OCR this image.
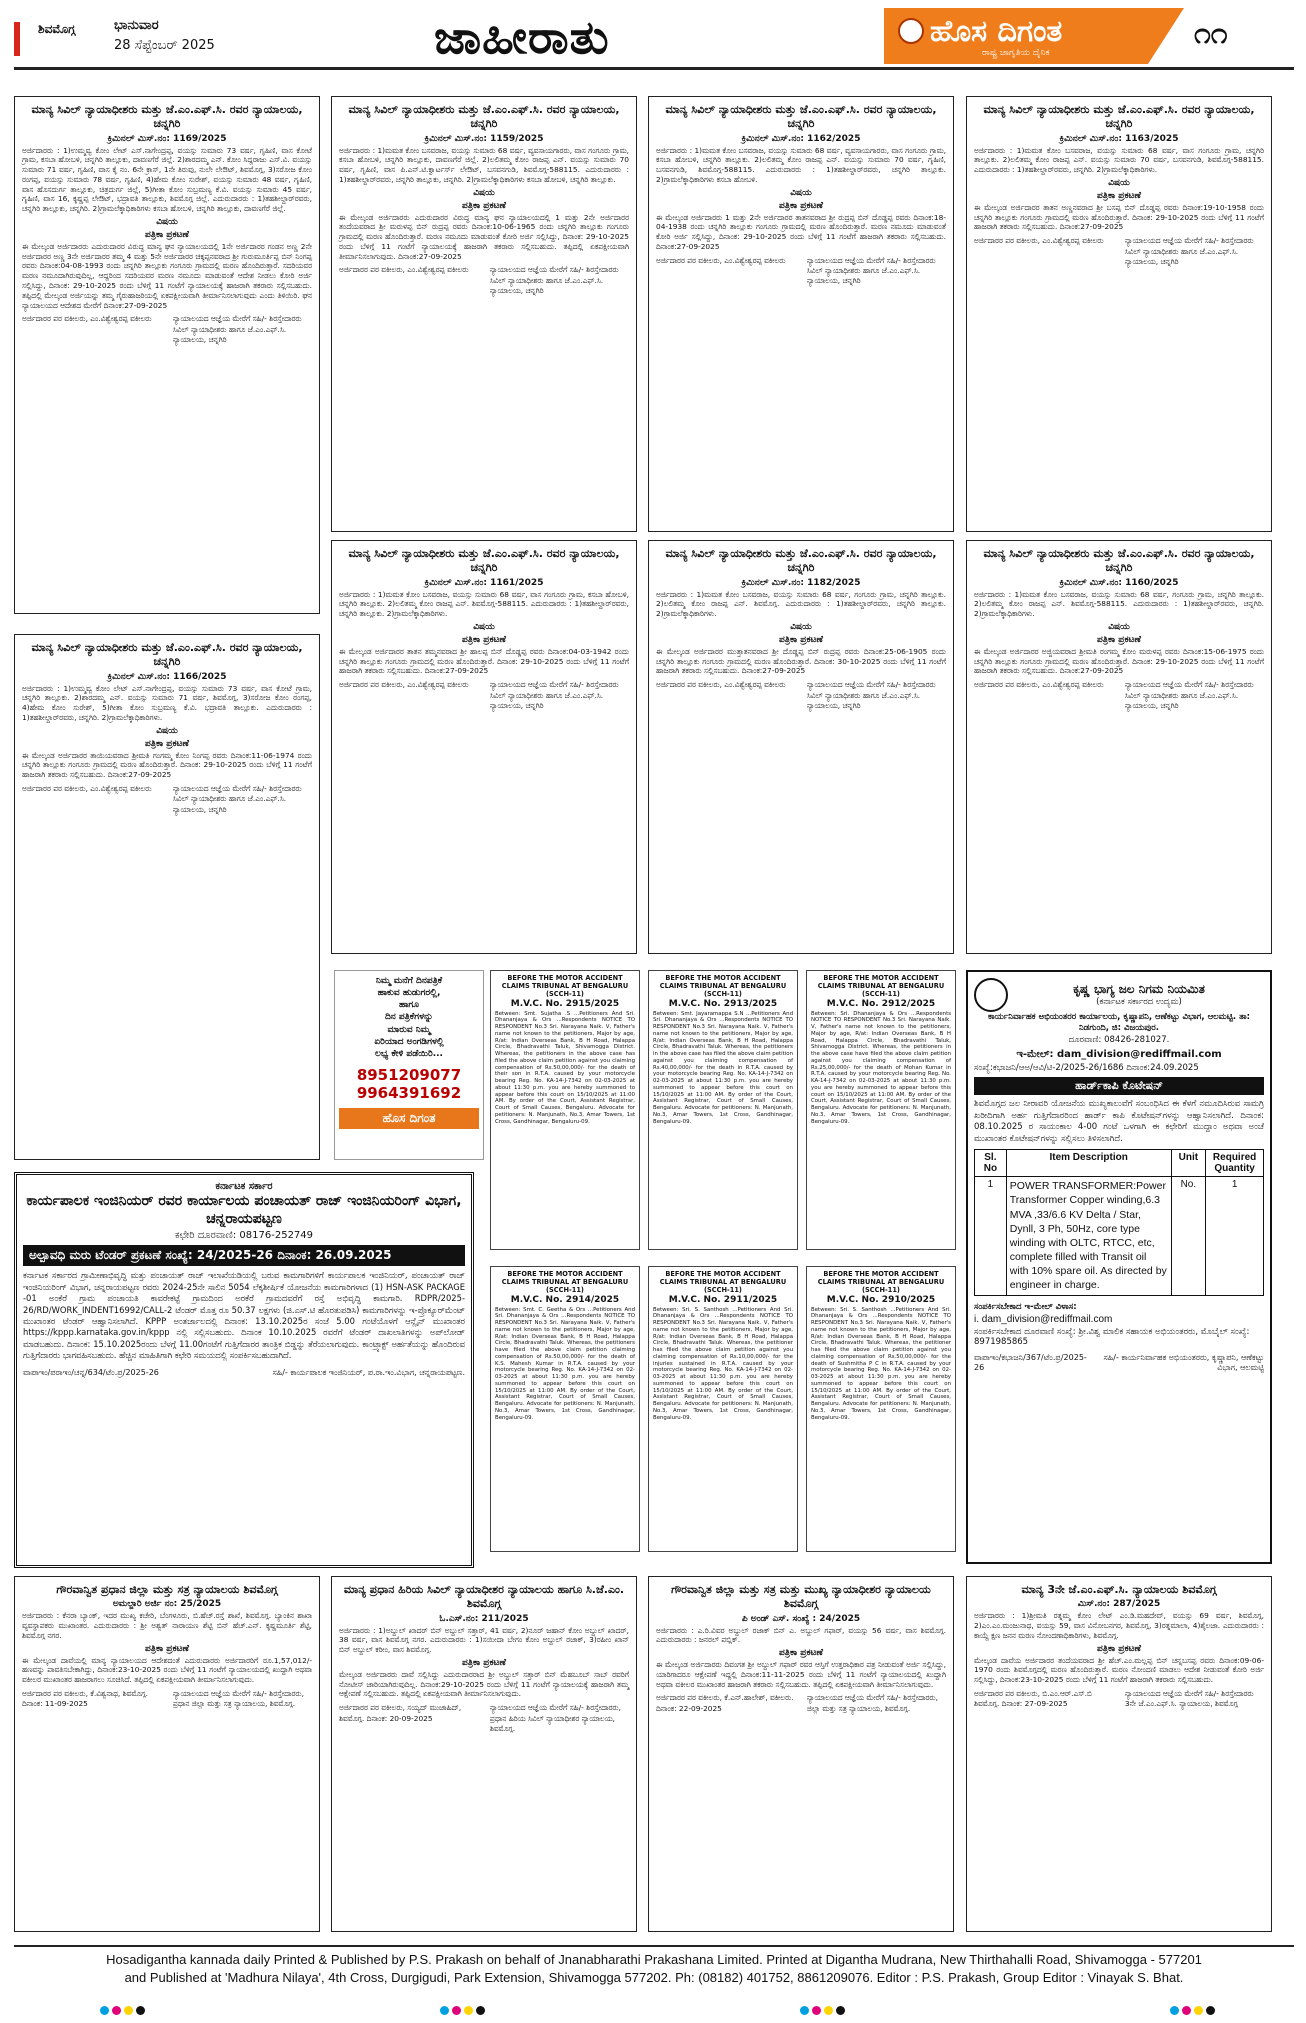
ಶಿವಮೊಗ್ಗ	ಭಾನುವಾರ
28 ಸೆಪ್ಟೆಂಬರ್ 2025	ಜಾಹೀರಾತು	ಹೊಸ ದಿಗಂತ
ರಾಷ್ಟ್ರ ಜಾಗೃತಿಯ ದೈನಿಕ
೧೧
ಮಾನ್ಯ ಸಿವಿಲ್ ನ್ಯಾಯಾಧೀಶರು ಮತ್ತು ಜೆ.ಎಂ.ಎಫ್.ಸಿ. ರವರ ನ್ಯಾಯಾಲಯ, ಚನ್ನಗಿರಿ
ಕ್ರಿಮಿನಲ್ ಮಿಸ್.ನಂ: 1169/2025

ಅರ್ಜಿದಾರರು : 1)ಉಮ್ಮವ್ವ ಕೋಂ ಲೇಟ್ ಎಸ್.ನಾಗೇಂದ್ರಪ್ಪ, ವಯಸ್ಸು ಸುಮಾರು 73 ವರ್ಷ, ಗೃಹಿಣಿ, ವಾಸ ಕೋಟೆ ಗ್ರಾಮ, ಕಸಬಾ ಹೋಬಳಿ, ಚನ್ನಗಿರಿ ತಾಲ್ಲೂಕು, ದಾವಣಗೆರೆ ಜಿಲ್ಲೆ. 2)ಶಾರದಮ್ಮ ಎನ್. ಕೋಂ ಸಿದ್ದರಾಜು ಎಸ್.ವಿ. ವಯಸ್ಸು ಸುಮಾರು 71 ವರ್ಷ, ಗೃಹಿಣಿ, ವಾಸ ಕೈ ನಂ. 6ನೇ ಕ್ರಾಸ್, 1ನೇ ತಿರುವು, ನುಲೇ ಲೇಔಟ್, ಶಿವಮೊಗ್ಗ, 3)ಸರೋಜ ಕೋಂ ರಂಗಪ್ಪ, ವಯಸ್ಸು ಸುಮಾರು 78 ವರ್ಷ, ಗೃಹಿಣಿ, 4)ಹೇಮ ಕೋಂ ಸುರೇಶ್, ವಯಸ್ಸು ಸುಮಾರು 48 ವರ್ಷ, ಗೃಹಿಣಿ, ವಾಸ ಹೊಸದುರ್ಗ ತಾಲ್ಲೂಕು, ಚಿತ್ರದುರ್ಗ ಜಿಲ್ಲೆ, 5)ಗೀತಾ ಕೋಂ ಸುಬ್ರಮಣ್ಯ ಕೆ.ವಿ. ವಯಸ್ಸು ಸುಮಾರು 45 ವರ್ಷ, ಗೃಹಿಣಿ, ವಾಸ 16, ಕೃಷ್ಣಪ್ಪ ಲೇಔಟ್, ಭದ್ರಾವತಿ ತಾಲ್ಲೂಕು, ಶಿವಮೊಗ್ಗ ಜಿಲ್ಲೆ. ಎದುರುದಾರರು : 1)ತಹಶೀಲ್ದಾರ್‌ರವರು, ಚನ್ನಗಿರಿ ತಾಲ್ಲೂಕು, ಚನ್ನಗಿರಿ. 2)ಗ್ರಾಮಲೆಕ್ಕಾಧಿಕಾರಿಗಳು ಕಸಬಾ ಹೋಬಳಿ, ಚನ್ನಗಿರಿ ತಾಲ್ಲೂಕು, ದಾವಣಗೆರೆ ಜಿಲ್ಲೆ.

ವಿಷಯ
ಪತ್ರಿಕಾ ಪ್ರಕಟಣೆ

ಈ ಮೇಲ್ಕಂಡ ಅರ್ಜಿದಾರರು ಎದುರುದಾರರ ವಿರುದ್ಧ ಮಾನ್ಯ ಘನ ನ್ಯಾಯಾಲಯದಲ್ಲಿ 1ನೇ ಅರ್ಜಿದಾರರ ಗಂಡನ ಅಣ್ಣ 2ನೇ ಅರ್ಜಿದಾರರ ಅಣ್ಣ 3ನೇ ಅರ್ಜಿದಾರರ ತಮ್ಮ 4 ಮತ್ತು 5ನೇ ಅರ್ಜಿದಾರರ ಚಿಕ್ಕಪ್ಪನವರಾದ ಶ್ರೀ ಗುರುಮೂರ್ತಿಪ್ಪ ಬಿನ್ ನಿಂಗಪ್ಪ ರವರು ದಿನಾಂಕ:04-08-1993 ರಂದು ಚನ್ನಗಿರಿ ತಾಲ್ಲೂಕು ಗಂಗೂರು ಗ್ರಾಮದಲ್ಲಿ ಮರಣ ಹೊಂದಿರುತ್ತಾರೆ. ಸದರಿಯವರ ಮರಣ ನಮೂದಾಗಿರುವುದಿಲ್ಲ, ಆದ್ದರಿಂದ ಸದರಿಯವರ ಮರಣ ನಮೂದು ಮಾಡುವಂತೆ ಆದೇಶ ನೀಡಲು ಕೋರಿ ಅರ್ಜಿ ಸಲ್ಲಿಸಿದ್ದು, ದಿನಾಂಕ: 29-10-2025 ರಂದು ಬೆಳಿಗ್ಗೆ 11 ಗಂಟೆಗೆ ನ್ಯಾಯಾಲಯಕ್ಕೆ ಹಾಜರಾಗಿ ತಕರಾರು ಸಲ್ಲಿಸಬಹುದು. ತಪ್ಪಿದಲ್ಲಿ ಮೇಲ್ಕಂಡ ಅರ್ಜಿಯನ್ನು ತಮ್ಮ ಗೈರುಹಾಜರಿಯಲ್ಲಿ ಏಕಪಕ್ಷೀಯವಾಗಿ ತೀರ್ಮಾನಿಸಲಾಗುವುದು ಎಂದು ತಿಳಿಯಿರಿ. ಘನ ನ್ಯಾಯಾಲಯದ ಆದೇಶದ ಮೇರೆಗೆ ದಿನಾಂಕ:27-09-2025

ಅರ್ಜಿದಾರರ ಪರ ವಕೀಲರು, ಎಂ.ವಿಶ್ವೇಶ್ವರಪ್ಪ ವಕೀಲರು	ನ್ಯಾಯಾಲಯದ ಆಜ್ಞೆಯ ಮೇರೆಗೆ ಸಹಿ/- ಶಿರಸ್ತೇದಾರರು ಸಿವಿಲ್ ನ್ಯಾಯಾಧೀಶರು ಹಾಗೂ ಜೆ.ಎಂ.ಎಫ್.ಸಿ. ನ್ಯಾಯಾಲಯ, ಚನ್ನಗಿರಿ
ಮಾನ್ಯ ಸಿವಿಲ್ ನ್ಯಾಯಾಧೀಶರು ಮತ್ತು ಜೆ.ಎಂ.ಎಫ್.ಸಿ. ರವರ ನ್ಯಾಯಾಲಯ, ಚನ್ನಗಿರಿ
ಕ್ರಿಮಿನಲ್ ಮಿಸ್.ನಂ: 1159/2025

ಅರ್ಜಿದಾರರು : 1)ಮಮತ ಕೋಂ ಬಸವರಾಜ, ವಯಸ್ಸು ಸುಮಾರು 68 ವರ್ಷ, ವ್ಯವಸಾಯಗಾರರು, ವಾಸ ಗಂಗೂರು ಗ್ರಾಮ, ಕಸಬಾ ಹೋಬಳಿ, ಚನ್ನಗಿರಿ ತಾಲ್ಲೂಕು, ದಾವಣಗೆರೆ ಜಿಲ್ಲೆ. 2)ಲಲಿತಮ್ಮ ಕೋಂ ರಾಜಪ್ಪ ಎನ್. ವಯಸ್ಸು ಸುಮಾರು 70 ವರ್ಷ, ಗೃಹಿಣಿ, ವಾಸ ಪಿ.ಎನ್.ಟಿ.ಕ್ವಾರ್ಟರ್ಸ್ ಲೇಔಟ್, ಬಸವನಗುಡಿ, ಶಿವಮೊಗ್ಗ-588115. ಎದುರುದಾರರು : 1)ತಹಶೀಲ್ದಾರ್‌ರವರು, ಚನ್ನಗಿರಿ ತಾಲ್ಲೂಕು, ಚನ್ನಗಿರಿ. 2)ಗ್ರಾಮಲೆಕ್ಕಾಧಿಕಾರಿಗಳು ಕಸಬಾ ಹೋಬಳಿ, ಚನ್ನಗಿರಿ ತಾಲ್ಲೂಕು.

ವಿಷಯ
ಪತ್ರಿಕಾ ಪ್ರಕಟಣೆ

ಈ ಮೇಲ್ಕಂಡ ಅರ್ಜಿದಾರರು ಎದುರುದಾರರ ವಿರುದ್ಧ ಮಾನ್ಯ ಘನ ನ್ಯಾಯಾಲಯದಲ್ಲಿ 1 ಮತ್ತು 2ನೇ ಅರ್ಜಿದಾರರ ತಂದೆಯವರಾದ ಶ್ರೀ ಮರುಳಪ್ಪ ಬಿನ್ ರುದ್ರಪ್ಪ ರವರು ದಿನಾಂಕ:10-06-1965 ರಂದು ಚನ್ನಗಿರಿ ತಾಲ್ಲೂಕು ಗಂಗೂರು ಗ್ರಾಮದಲ್ಲಿ ಮರಣ ಹೊಂದಿರುತ್ತಾರೆ. ಮರಣ ನಮೂದು ಮಾಡುವಂತೆ ಕೋರಿ ಅರ್ಜಿ ಸಲ್ಲಿಸಿದ್ದು, ದಿನಾಂಕ: 29-10-2025 ರಂದು ಬೆಳಿಗ್ಗೆ 11 ಗಂಟೆಗೆ ನ್ಯಾಯಾಲಯಕ್ಕೆ ಹಾಜರಾಗಿ ತಕರಾರು ಸಲ್ಲಿಸಬಹುದು. ತಪ್ಪಿದಲ್ಲಿ ಏಕಪಕ್ಷೀಯವಾಗಿ ತೀರ್ಮಾನಿಸಲಾಗುವುದು. ದಿನಾಂಕ:27-09-2025

ಅರ್ಜಿದಾರರ ಪರ ವಕೀಲರು, ಎಂ.ವಿಶ್ವೇಶ್ವರಪ್ಪ ವಕೀಲರು	ನ್ಯಾಯಾಲಯದ ಆಜ್ಞೆಯ ಮೇರೆಗೆ ಸಹಿ/- ಶಿರಸ್ತೇದಾರರು ಸಿವಿಲ್ ನ್ಯಾಯಾಧೀಶರು ಹಾಗೂ ಜೆ.ಎಂ.ಎಫ್.ಸಿ. ನ್ಯಾಯಾಲಯ, ಚನ್ನಗಿರಿ
ಮಾನ್ಯ ಸಿವಿಲ್ ನ್ಯಾಯಾಧೀಶರು ಮತ್ತು ಜೆ.ಎಂ.ಎಫ್.ಸಿ. ರವರ ನ್ಯಾಯಾಲಯ, ಚನ್ನಗಿರಿ
ಕ್ರಿಮಿನಲ್ ಮಿಸ್.ನಂ: 1162/2025

ಅರ್ಜಿದಾರರು : 1)ಮಮತ ಕೋಂ ಬಸವರಾಜ, ವಯಸ್ಸು ಸುಮಾರು 68 ವರ್ಷ, ವ್ಯವಸಾಯಗಾರರು, ವಾಸ ಗಂಗೂರು ಗ್ರಾಮ, ಕಸಬಾ ಹೋಬಳಿ, ಚನ್ನಗಿರಿ ತಾಲ್ಲೂಕು. 2)ಲಲಿತಮ್ಮ ಕೋಂ ರಾಜಪ್ಪ ಎನ್. ವಯಸ್ಸು ಸುಮಾರು 70 ವರ್ಷ, ಗೃಹಿಣಿ, ಬಸವನಗುಡಿ, ಶಿವಮೊಗ್ಗ-588115. ಎದುರುದಾರರು : 1)ತಹಶೀಲ್ದಾರ್‌ರವರು, ಚನ್ನಗಿರಿ ತಾಲ್ಲೂಕು. 2)ಗ್ರಾಮಲೆಕ್ಕಾಧಿಕಾರಿಗಳು ಕಸಬಾ ಹೋಬಳಿ.

ವಿಷಯ
ಪತ್ರಿಕಾ ಪ್ರಕಟಣೆ

ಈ ಮೇಲ್ಕಂಡ ಅರ್ಜಿದಾರರು 1 ಮತ್ತು 2ನೇ ಅರ್ಜಿದಾರರ ತಾತನವರಾದ ಶ್ರೀ ರುದ್ರಪ್ಪ ಬಿನ್ ದೊಡ್ಡಪ್ಪ ರವರು ದಿನಾಂಕ:18-04-1938 ರಂದು ಚನ್ನಗಿರಿ ತಾಲ್ಲೂಕು ಗಂಗೂರು ಗ್ರಾಮದಲ್ಲಿ ಮರಣ ಹೊಂದಿರುತ್ತಾರೆ. ಮರಣ ನಮೂದು ಮಾಡುವಂತೆ ಕೋರಿ ಅರ್ಜಿ ಸಲ್ಲಿಸಿದ್ದು, ದಿನಾಂಕ: 29-10-2025 ರಂದು ಬೆಳಿಗ್ಗೆ 11 ಗಂಟೆಗೆ ಹಾಜರಾಗಿ ತಕರಾರು ಸಲ್ಲಿಸಬಹುದು. ದಿನಾಂಕ:27-09-2025

ಅರ್ಜಿದಾರರ ಪರ ವಕೀಲರು, ಎಂ.ವಿಶ್ವೇಶ್ವರಪ್ಪ ವಕೀಲರು	ನ್ಯಾಯಾಲಯದ ಆಜ್ಞೆಯ ಮೇರೆಗೆ ಸಹಿ/- ಶಿರಸ್ತೇದಾರರು ಸಿವಿಲ್ ನ್ಯಾಯಾಧೀಶರು ಹಾಗೂ ಜೆ.ಎಂ.ಎಫ್.ಸಿ. ನ್ಯಾಯಾಲಯ, ಚನ್ನಗಿರಿ
ಮಾನ್ಯ ಸಿವಿಲ್ ನ್ಯಾಯಾಧೀಶರು ಮತ್ತು ಜೆ.ಎಂ.ಎಫ್.ಸಿ. ರವರ ನ್ಯಾಯಾಲಯ, ಚನ್ನಗಿರಿ
ಕ್ರಿಮಿನಲ್ ಮಿಸ್.ನಂ: 1163/2025

ಅರ್ಜಿದಾರರು : 1)ಮಮತ ಕೋಂ ಬಸವರಾಜ, ವಯಸ್ಸು ಸುಮಾರು 68 ವರ್ಷ, ವಾಸ ಗಂಗೂರು ಗ್ರಾಮ, ಚನ್ನಗಿರಿ ತಾಲ್ಲೂಕು. 2)ಲಲಿತಮ್ಮ ಕೋಂ ರಾಜಪ್ಪ ಎನ್. ವಯಸ್ಸು ಸುಮಾರು 70 ವರ್ಷ, ಬಸವನಗುಡಿ, ಶಿವಮೊಗ್ಗ-588115. ಎದುರುದಾರರು : 1)ತಹಶೀಲ್ದಾರ್‌ರವರು, ಚನ್ನಗಿರಿ. 2)ಗ್ರಾಮಲೆಕ್ಕಾಧಿಕಾರಿಗಳು.

ವಿಷಯ
ಪತ್ರಿಕಾ ಪ್ರಕಟಣೆ

ಈ ಮೇಲ್ಕಂಡ ಅರ್ಜಿದಾರರ ತಾತನ ಅಣ್ಣನವರಾದ ಶ್ರೀ ಬಸಪ್ಪ ಬಿನ್ ದೊಡ್ಡಪ್ಪ ರವರು ದಿನಾಂಕ:19-10-1958 ರಂದು ಚನ್ನಗಿರಿ ತಾಲ್ಲೂಕು ಗಂಗೂರು ಗ್ರಾಮದಲ್ಲಿ ಮರಣ ಹೊಂದಿರುತ್ತಾರೆ. ದಿನಾಂಕ: 29-10-2025 ರಂದು ಬೆಳಿಗ್ಗೆ 11 ಗಂಟೆಗೆ ಹಾಜರಾಗಿ ತಕರಾರು ಸಲ್ಲಿಸಬಹುದು. ದಿನಾಂಕ:27-09-2025

ಅರ್ಜಿದಾರರ ಪರ ವಕೀಲರು, ಎಂ.ವಿಶ್ವೇಶ್ವರಪ್ಪ ವಕೀಲರು	ನ್ಯಾಯಾಲಯದ ಆಜ್ಞೆಯ ಮೇರೆಗೆ ಸಹಿ/- ಶಿರಸ್ತೇದಾರರು ಸಿವಿಲ್ ನ್ಯಾಯಾಧೀಶರು ಹಾಗೂ ಜೆ.ಎಂ.ಎಫ್.ಸಿ. ನ್ಯಾಯಾಲಯ, ಚನ್ನಗಿರಿ
ಮಾನ್ಯ ಸಿವಿಲ್ ನ್ಯಾಯಾಧೀಶರು ಮತ್ತು ಜೆ.ಎಂ.ಎಫ್.ಸಿ. ರವರ ನ್ಯಾಯಾಲಯ, ಚನ್ನಗಿರಿ
ಕ್ರಿಮಿನಲ್ ಮಿಸ್.ನಂ: 1161/2025

ಅರ್ಜಿದಾರರು : 1)ಮಮತ ಕೋಂ ಬಸವರಾಜ, ವಯಸ್ಸು ಸುಮಾರು 68 ವರ್ಷ, ವಾಸ ಗಂಗೂರು ಗ್ರಾಮ, ಕಸಬಾ ಹೋಬಳಿ, ಚನ್ನಗಿರಿ ತಾಲ್ಲೂಕು. 2)ಲಲಿತಮ್ಮ ಕೋಂ ರಾಜಪ್ಪ ಎನ್. ಶಿವಮೊಗ್ಗ-588115. ಎದುರುದಾರರು : 1)ತಹಶೀಲ್ದಾರ್‌ರವರು, ಚನ್ನಗಿರಿ ತಾಲ್ಲೂಕು. 2)ಗ್ರಾಮಲೆಕ್ಕಾಧಿಕಾರಿಗಳು.

ವಿಷಯ
ಪತ್ರಿಕಾ ಪ್ರಕಟಣೆ

ಈ ಮೇಲ್ಕಂಡ ಅರ್ಜಿದಾರರ ತಾತನ ತಮ್ಮನವರಾದ ಶ್ರೀ ಹಾಲಪ್ಪ ಬಿನ್ ದೊಡ್ಡಪ್ಪ ರವರು ದಿನಾಂಕ:04-03-1942 ರಂದು ಚನ್ನಗಿರಿ ತಾಲ್ಲೂಕು ಗಂಗೂರು ಗ್ರಾಮದಲ್ಲಿ ಮರಣ ಹೊಂದಿರುತ್ತಾರೆ. ದಿನಾಂಕ: 29-10-2025 ರಂದು ಬೆಳಿಗ್ಗೆ 11 ಗಂಟೆಗೆ ಹಾಜರಾಗಿ ತಕರಾರು ಸಲ್ಲಿಸಬಹುದು. ದಿನಾಂಕ:27-09-2025

ಅರ್ಜಿದಾರರ ಪರ ವಕೀಲರು, ಎಂ.ವಿಶ್ವೇಶ್ವರಪ್ಪ ವಕೀಲರು	ನ್ಯಾಯಾಲಯದ ಆಜ್ಞೆಯ ಮೇರೆಗೆ ಸಹಿ/- ಶಿರಸ್ತೇದಾರರು ಸಿವಿಲ್ ನ್ಯಾಯಾಧೀಶರು ಹಾಗೂ ಜೆ.ಎಂ.ಎಫ್.ಸಿ. ನ್ಯಾಯಾಲಯ, ಚನ್ನಗಿರಿ
ಮಾನ್ಯ ಸಿವಿಲ್ ನ್ಯಾಯಾಧೀಶರು ಮತ್ತು ಜೆ.ಎಂ.ಎಫ್.ಸಿ. ರವರ ನ್ಯಾಯಾಲಯ, ಚನ್ನಗಿರಿ
ಕ್ರಿಮಿನಲ್ ಮಿಸ್.ನಂ: 1182/2025

ಅರ್ಜಿದಾರರು : 1)ಮಮತ ಕೋಂ ಬಸವರಾಜ, ವಯಸ್ಸು ಸುಮಾರು 68 ವರ್ಷ, ಗಂಗೂರು ಗ್ರಾಮ, ಚನ್ನಗಿರಿ ತಾಲ್ಲೂಕು. 2)ಲಲಿತಮ್ಮ ಕೋಂ ರಾಜಪ್ಪ ಎನ್. ಶಿವಮೊಗ್ಗ. ಎದುರುದಾರರು : 1)ತಹಶೀಲ್ದಾರ್‌ರವರು, ಚನ್ನಗಿರಿ ತಾಲ್ಲೂಕು. 2)ಗ್ರಾಮಲೆಕ್ಕಾಧಿಕಾರಿಗಳು.

ವಿಷಯ
ಪತ್ರಿಕಾ ಪ್ರಕಟಣೆ

ಈ ಮೇಲ್ಕಂಡ ಅರ್ಜಿದಾರರ ಮುತ್ತಾತನವರಾದ ಶ್ರೀ ದೊಡ್ಡಪ್ಪ ಬಿನ್ ರುದ್ರಪ್ಪ ರವರು ದಿನಾಂಕ:25-06-1905 ರಂದು ಚನ್ನಗಿರಿ ತಾಲ್ಲೂಕು ಗಂಗೂರು ಗ್ರಾಮದಲ್ಲಿ ಮರಣ ಹೊಂದಿರುತ್ತಾರೆ. ದಿನಾಂಕ: 30-10-2025 ರಂದು ಬೆಳಿಗ್ಗೆ 11 ಗಂಟೆಗೆ ಹಾಜರಾಗಿ ತಕರಾರು ಸಲ್ಲಿಸಬಹುದು. ದಿನಾಂಕ:27-09-2025

ಅರ್ಜಿದಾರರ ಪರ ವಕೀಲರು, ಎಂ.ವಿಶ್ವೇಶ್ವರಪ್ಪ ವಕೀಲರು	ನ್ಯಾಯಾಲಯದ ಆಜ್ಞೆಯ ಮೇರೆಗೆ ಸಹಿ/- ಶಿರಸ್ತೇದಾರರು ಸಿವಿಲ್ ನ್ಯಾಯಾಧೀಶರು ಹಾಗೂ ಜೆ.ಎಂ.ಎಫ್.ಸಿ. ನ್ಯಾಯಾಲಯ, ಚನ್ನಗಿರಿ
ಮಾನ್ಯ ಸಿವಿಲ್ ನ್ಯಾಯಾಧೀಶರು ಮತ್ತು ಜೆ.ಎಂ.ಎಫ್.ಸಿ. ರವರ ನ್ಯಾಯಾಲಯ, ಚನ್ನಗಿರಿ
ಕ್ರಿಮಿನಲ್ ಮಿಸ್.ನಂ: 1160/2025

ಅರ್ಜಿದಾರರು : 1)ಮಮತ ಕೋಂ ಬಸವರಾಜ, ವಯಸ್ಸು ಸುಮಾರು 68 ವರ್ಷ, ಗಂಗೂರು ಗ್ರಾಮ, ಚನ್ನಗಿರಿ ತಾಲ್ಲೂಕು. 2)ಲಲಿತಮ್ಮ ಕೋಂ ರಾಜಪ್ಪ ಎನ್. ಶಿವಮೊಗ್ಗ-588115. ಎದುರುದಾರರು : 1)ತಹಶೀಲ್ದಾರ್‌ರವರು, ಚನ್ನಗಿರಿ. 2)ಗ್ರಾಮಲೆಕ್ಕಾಧಿಕಾರಿಗಳು.

ವಿಷಯ
ಪತ್ರಿಕಾ ಪ್ರಕಟಣೆ

ಈ ಮೇಲ್ಕಂಡ ಅರ್ಜಿದಾರರ ಅಜ್ಜಿಯವರಾದ ಶ್ರೀಮತಿ ರಂಗಮ್ಮ ಕೋಂ ಮರುಳಪ್ಪ ರವರು ದಿನಾಂಕ:15-06-1975 ರಂದು ಚನ್ನಗಿರಿ ತಾಲ್ಲೂಕು ಗಂಗೂರು ಗ್ರಾಮದಲ್ಲಿ ಮರಣ ಹೊಂದಿರುತ್ತಾರೆ. ದಿನಾಂಕ: 29-10-2025 ರಂದು ಬೆಳಿಗ್ಗೆ 11 ಗಂಟೆಗೆ ಹಾಜರಾಗಿ ತಕರಾರು ಸಲ್ಲಿಸಬಹುದು. ದಿನಾಂಕ:27-09-2025

ಅರ್ಜಿದಾರರ ಪರ ವಕೀಲರು, ಎಂ.ವಿಶ್ವೇಶ್ವರಪ್ಪ ವಕೀಲರು	ನ್ಯಾಯಾಲಯದ ಆಜ್ಞೆಯ ಮೇರೆಗೆ ಸಹಿ/- ಶಿರಸ್ತೇದಾರರು ಸಿವಿಲ್ ನ್ಯಾಯಾಧೀಶರು ಹಾಗೂ ಜೆ.ಎಂ.ಎಫ್.ಸಿ. ನ್ಯಾಯಾಲಯ, ಚನ್ನಗಿರಿ
ಮಾನ್ಯ ಸಿವಿಲ್ ನ್ಯಾಯಾಧೀಶರು ಮತ್ತು ಜೆ.ಎಂ.ಎಫ್.ಸಿ. ರವರ ನ್ಯಾಯಾಲಯ, ಚನ್ನಗಿರಿ
ಕ್ರಿಮಿನಲ್ ಮಿಸ್.ನಂ: 1166/2025

ಅರ್ಜಿದಾರರು : 1)ಉಮ್ಮವ್ವ ಕೋಂ ಲೇಟ್ ಎಸ್.ನಾಗೇಂದ್ರಪ್ಪ, ವಯಸ್ಸು ಸುಮಾರು 73 ವರ್ಷ, ವಾಸ ಕೋಟೆ ಗ್ರಾಮ, ಚನ್ನಗಿರಿ ತಾಲ್ಲೂಕು. 2)ಶಾರದಮ್ಮ ಎನ್. ವಯಸ್ಸು ಸುಮಾರು 71 ವರ್ಷ, ಶಿವಮೊಗ್ಗ, 3)ಸರೋಜ ಕೋಂ ರಂಗಪ್ಪ, 4)ಹೇಮ ಕೋಂ ಸುರೇಶ್, 5)ಗೀತಾ ಕೋಂ ಸುಬ್ರಮಣ್ಯ ಕೆ.ವಿ. ಭದ್ರಾವತಿ ತಾಲ್ಲೂಕು. ಎದುರುದಾರರು : 1)ತಹಶೀಲ್ದಾರ್‌ರವರು, ಚನ್ನಗಿರಿ. 2)ಗ್ರಾಮಲೆಕ್ಕಾಧಿಕಾರಿಗಳು.

ವಿಷಯ
ಪತ್ರಿಕಾ ಪ್ರಕಟಣೆ

ಈ ಮೇಲ್ಕಂಡ ಅರ್ಜಿದಾರರ ತಾಯಿಯವರಾದ ಶ್ರೀಮತಿ ಗಂಗಮ್ಮ ಕೋಂ ನಿಂಗಪ್ಪ ರವರು ದಿನಾಂಕ:11-06-1974 ರಂದು ಚನ್ನಗಿರಿ ತಾಲ್ಲೂಕು ಗಂಗೂರು ಗ್ರಾಮದಲ್ಲಿ ಮರಣ ಹೊಂದಿರುತ್ತಾರೆ. ದಿನಾಂಕ: 29-10-2025 ರಂದು ಬೆಳಿಗ್ಗೆ 11 ಗಂಟೆಗೆ ಹಾಜರಾಗಿ ತಕರಾರು ಸಲ್ಲಿಸಬಹುದು. ದಿನಾಂಕ:27-09-2025

ಅರ್ಜಿದಾರರ ಪರ ವಕೀಲರು, ಎಂ.ವಿಶ್ವೇಶ್ವರಪ್ಪ ವಕೀಲರು	ನ್ಯಾಯಾಲಯದ ಆಜ್ಞೆಯ ಮೇರೆಗೆ ಸಹಿ/- ಶಿರಸ್ತೇದಾರರು ಸಿವಿಲ್ ನ್ಯಾಯಾಧೀಶರು ಹಾಗೂ ಜೆ.ಎಂ.ಎಫ್.ಸಿ. ನ್ಯಾಯಾಲಯ, ಚನ್ನಗಿರಿ
ನಿಮ್ಮ ಮನೆಗೆ ದಿನಪತ್ರಿಕೆ
ಹಾಕುವ ಹುಡುಗರಲ್ಲಿ,
ಹಾಗೂ
ದಿನ ಪತ್ರಿಕೆಗಳನ್ನು
ಮಾರುವ ನಿಮ್ಮ
ಏರಿಯಾದ ಅಂಗಡಿಗಳಲ್ಲಿ
ಲಭ್ಯ ಕೇಳಿ ಪಡೆಯಿರಿ...
8951209077
9964391692
ಹೊಸ ದಿಗಂತ
BEFORE THE MOTOR ACCIDENT CLAIMS TRIBUNAL AT BENGALURU (SCCH-11)
M.V.C. No. 2915/2025

Between: Smt. Sujatha .S ...Petitioners And Sri. Dhananjaya & Ors ...Respondents NOTICE TO RESPONDENT No.3 Sri. Narayana Naik. V, Father's name not known to the petitioners, Major by age, R/at: Indian Overseas Bank, B H Road, Halappa Circle, Bhadravathi Taluk, Shivamogga District. Whereas, the petitioners in the above case has filed the above claim petition against you claiming compensation of Rs.50,00,000/- for the death of their son in R.T.A. caused by your motorcycle bearing Reg. No. KA-14-J-7342 on 02-03-2025 at about 11:30 p.m. you are hereby summoned to appear before this court on 15/10/2025 at 11:00 AM. By order of the Court, Assistant Registrar, Court of Small Causes, Bengaluru. Advocate for petitioners: N. Manjunath, No.3, Amar Towers, 1st Cross, Gandhinagar, Bengaluru-09.

BEFORE THE MOTOR ACCIDENT CLAIMS TRIBUNAL AT BENGALURU (SCCH-11)
M.V.C. No. 2913/2025

Between: Smt. Jayaramappa S.N ...Petitioners And Sri. Dhananjaya & Ors ...Respondents NOTICE TO RESPONDENT No.3 Sri. Narayana Naik. V, Father's name not known to the petitioners, Major by age, R/at: Indian Overseas Bank, B H Road, Halappa Circle, Bhadravathi Taluk. Whereas, the petitioners in the above case has filed the above claim petition against you claiming compensation of Rs.40,00,000/- for the death in R.T.A. caused by your motorcycle bearing Reg. No. KA-14-J-7342 on 02-03-2025 at about 11:30 p.m. you are hereby summoned to appear before this court on 15/10/2025 at 11:00 AM. By order of the Court, Assistant Registrar, Court of Small Causes, Bengaluru. Advocate for petitioners: N. Manjunath, No.3, Amar Towers, 1st Cross, Gandhinagar, Bengaluru-09.

BEFORE THE MOTOR ACCIDENT CLAIMS TRIBUNAL AT BENGALURU (SCCH-11)
M.V.C. No. 2912/2025

Between: Sri. Dhananjaya & Ors ...Respondents NOTICE TO RESPONDENT No.3 Sri. Narayana Naik. V, Father's name not known to the petitioners, Major by age, R/at: Indian Overseas Bank, B H Road, Halappa Circle, Bhadravathi Taluk, Shivamogga District. Whereas, the petitioners in the above case have filed the above claim petition against you claiming compensation of Rs.25,00,000/- for the death of Mohan Kumar in R.T.A. caused by your motorcycle bearing Reg. No. KA-14-J-7342 on 02-03-2025 at about 11:30 p.m. you are hereby summoned to appear before this court on 15/10/2025 at 11:00 AM. By order of the Court, Assistant Registrar, Court of Small Causes, Bengaluru. Advocate for petitioners: N. Manjunath, No.3, Amar Towers, 1st Cross, Gandhinagar, Bengaluru-09.

BEFORE THE MOTOR ACCIDENT CLAIMS TRIBUNAL AT BENGALURU (SCCH-11)
M.V.C. No. 2914/2025

Between: Smt. C. Geetha & Ors ...Petitioners And Sri. Dhananjaya & Ors ...Respondents NOTICE TO RESPONDENT No.3 Sri. Narayana Naik. V, Father's name not known to the petitioners, Major by age, R/at: Indian Overseas Bank, B H Road, Halappa Circle, Bhadravathi Taluk. Whereas, the petitioners have filed the above claim petition claiming compensation of Rs.50,00,000/- for the death of K.S. Mahesh Kumar in R.T.A. caused by your motorcycle bearing Reg. No. KA-14-J-7342 on 02-03-2025 at about 11:30 p.m. you are hereby summoned to appear before this court on 15/10/2025 at 11:00 AM. By order of the Court, Assistant Registrar, Court of Small Causes, Bengaluru. Advocate for petitioners: N. Manjunath, No.3, Amar Towers, 1st Cross, Gandhinagar, Bengaluru-09.

BEFORE THE MOTOR ACCIDENT CLAIMS TRIBUNAL AT BENGALURU (SCCH-11)
M.V.C. No. 2911/2025

Between: Sri. S. Santhosh ...Petitioners And Sri. Dhananjaya & Ors ...Respondents NOTICE TO RESPONDENT No.3 Sri. Narayana Naik. V, Father's name not known to the petitioners, Major by age, R/at: Indian Overseas Bank, B H Road, Halappa Circle, Bhadravathi Taluk. Whereas, the petitioner has filed the above claim petition against you claiming compensation of Rs.10,00,000/- for the injuries sustained in R.T.A. caused by your motorcycle bearing Reg. No. KA-14-J-7342 on 02-03-2025 at about 11:30 p.m. you are hereby summoned to appear before this court on 15/10/2025 at 11:00 AM. By order of the Court, Assistant Registrar, Court of Small Causes, Bengaluru. Advocate for petitioners: N. Manjunath, No.3, Amar Towers, 1st Cross, Gandhinagar, Bengaluru-09.

BEFORE THE MOTOR ACCIDENT CLAIMS TRIBUNAL AT BENGALURU (SCCH-11)
M.V.C. No. 2910/2025

Between: Sri. S. Santhosh ...Petitioners And Sri. Dhananjaya & Ors ...Respondents NOTICE TO RESPONDENT No.3 Sri. Narayana Naik. V, Father's name not known to the petitioners, Major by age, R/at: Indian Overseas Bank, B H Road, Halappa Circle, Bhadravathi Taluk. Whereas, the petitioner has filed the above claim petition against you claiming compensation of Rs.50,00,000/- for the death of Sushmitha P C in R.T.A. caused by your motorcycle bearing Reg. No. KA-14-J-7342 on 02-03-2025 at about 11:30 p.m. you are hereby summoned to appear before this court on 15/10/2025 at 11:00 AM. By order of the Court, Assistant Registrar, Court of Small Causes, Bengaluru. Advocate for petitioners: N. Manjunath, No.3, Amar Towers, 1st Cross, Gandhinagar, Bengaluru-09.

ಕರ್ನಾಟಕ ಸರ್ಕಾರ
ಕಾರ್ಯಪಾಲಕ ಇಂಜಿನಿಯರ್ ರವರ ಕಾರ್ಯಾಲಯ ಪಂಚಾಯತ್ ರಾಜ್ ಇಂಜಿನಿಯರಿಂಗ್ ವಿಭಾಗ, ಚನ್ನರಾಯಪಟ್ಟಣ
ಕಛೇರಿ ದೂರವಾಣಿ: 08176-252749
ಅಲ್ಪಾವಧಿ ಮರು ಟೆಂಡರ್ ಪ್ರಕಟಣೆ ಸಂಖ್ಯೆ: 24/2025-26 ದಿನಾಂಕ: 26.09.2025

ಕರ್ನಾಟಕ ಸರ್ಕಾರದ ಗ್ರಾಮೀಣಾಭಿವೃದ್ಧಿ ಮತ್ತು ಪಂಚಾಯತ್ ರಾಜ್ ಇಲಾಖೆಯಡಿಯಲ್ಲಿ ಬರುವ ಕಾಮಗಾರಿಗಳಿಗೆ ಕಾರ್ಯಪಾಲಕ ಇಂಜಿನಿಯರ್, ಪಂಚಾಯತ್ ರಾಜ್ ಇಂಜಿನಿಯರಿಂಗ್ ವಿಭಾಗ, ಚನ್ನರಾಯಪಟ್ಟಣ ರವರು 2024-25ನೇ ಸಾಲಿನ 5054 ಲೆಕ್ಕಶೀರ್ಷಿಕೆ ಯೋಜನೆಯ ಕಾಮಗಾರಿಗಳಾದ (1) HSN-ASK PACKAGE -01 ಅಂಕೆರೆ ಗ್ರಾಮ ಪಂಚಾಯತಿ ಕಾವರೇಕಟ್ಟೆ ಗ್ರಾಮದಿಂದ ಅರಕೆರೆ ಗ್ರಾಮದವರೆಗೆ ರಸ್ತೆ ಅಭಿವೃದ್ಧಿ ಕಾಮಗಾರಿ. RDPR/2025-26/RD/WORK_INDENT16992/CALL-2 ಟೆಂಡರ್ ಮೊತ್ತ ರೂ 50.37 ಲಕ್ಷಗಳು (ಜಿ.ಎಸ್.ಟಿ ಹೊರತುಪಡಿಸಿ) ಕಾಮಗಾರಿಗಳನ್ನು ಇ-ಪ್ರೊಕ್ಯೂರ್‌ಮೆಂಟ್ ಮುಖಾಂತರ ಟೆಂಡರ್ ಆಹ್ವಾನಿಸಲಾಗಿದೆ. KPPP ಅಂತರ್ಜಾಲದಲ್ಲಿ ದಿನಾಂಕ: 13.10.2025ರ ಸಂಜೆ 5.00 ಗಂಟೆಯೊಳಗೆ ಆನ್ಲೈನ್ ಮುಖಾಂತರ https://kppp.karnataka.gov.in/kppp ನಲ್ಲಿ ಸಲ್ಲಿಸಬಹುದು. ದಿನಾಂಕ 10.10.2025 ರವರೆಗೆ ಟೆಂಡರ್ ದಾಖಲಾತಿಗಳನ್ನು ಅಪ್‌ಲೋಡ್ ಮಾಡಬಹುದು. ದಿನಾಂಕ: 15.10.2025ರಂದು ಬೆಳಗ್ಗೆ 11.00ಗಂಟೆಗೆ ಗುತ್ತಿಗೆದಾರರ ತಾಂತ್ರಿಕ ಬಿಡ್ಡನ್ನು ತೆರೆಯಲಾಗುವುದು. ಕಾಂಟ್ರ್ಯಾಕ್ಟ್ ಅರ್ಹತೆಯನ್ನು ಹೊಂದಿರುವ ಗುತ್ತಿಗೆದಾರರು ಭಾಗವಹಿಸಬಹುದು. ಹೆಚ್ಚಿನ ಮಾಹಿತಿಗಾಗಿ ಕಛೇರಿ ಸಮಯದಲ್ಲಿ ಸಂಪರ್ಕಿಸಬಹುದಾಗಿದೆ.

ವಾಪಾಇಂ/ಪರಾಇಂ/ಚನ್ನ/634/ಟೆಂ.ಪ್ರ/2025-26	ಸಹಿ/- ಕಾರ್ಯಪಾಲಕ ಇಂಜಿನಿಯರ್, ಪ.ರಾ.ಇಂ.ವಿಭಾಗ, ಚನ್ನರಾಯಪಟ್ಟಣ.
ಕೃಷ್ಣ ಭಾಗ್ಯ ಜಲ ನಿಗಮ ನಿಯಮಿತ
(ಕರ್ನಾಟಕ ಸರ್ಕಾರದ ಉದ್ಯಮ)
ಕಾರ್ಯನಿರ್ವಾಹಕ ಅಭಿಯಂತರರ ಕಾರ್ಯಾಲಯ, ಕೃಷ್ಣಾಪನಿ, ಆಣೆಕಟ್ಟು ವಿಭಾಗ, ಆಲಮಟ್ಟಿ. ತಾ: ನಿಡಗುಂದಿ, ಜಿ: ವಿಜಯಪುರ.
ದೂರವಾಣಿ: 08426-281027.
ಇ-ಮೇಲ್: dam_division@rediffmail.com
ಸಂಖ್ಯೆ:ಕಭಾಜನಿ/ಆಅ/ಆವಿ/ಟಿ-2/2025-26/1686 ದಿನಾಂಕ:24.09.2025
ಹಾರ್ಡ್‌ಕಾಪಿ ಕೊಟೇಷನ್

ಶಿವಮೊಗ್ಗದ ಜಲ ನೀರಾವರಿ ಯೋಜನೆಯ ಮುಖ್ಯಕಾಲುವೆಗೆ ಸಂಬಂಧಿಸಿದ ಈ ಕೆಳಗೆ ನಮೂದಿಸಿರುವ ಸಾಮಗ್ರಿ ಖರೀದಿಗಾಗಿ ಅರ್ಹ ಗುತ್ತಿಗೆದಾರರಿಂದ ಹಾರ್ಡ್ ಕಾಪಿ ಕೊಟೇಷನ್‌ಗಳನ್ನು ಆಹ್ವಾನಿಸಲಾಗಿದೆ. ದಿನಾಂಕ: 08.10.2025 ರ ಸಾಯಂಕಾಲ 4-00 ಗಂಟೆ ಒಳಗಾಗಿ ಈ ಕಛೇರಿಗೆ ಮುದ್ದಾಂ ಅಥವಾ ಅಂಚೆ ಮುಖಾಂತರ ಕೊಟೇಷನ್‌ಗಳನ್ನು ಸಲ್ಲಿಸಲು ತಿಳಿಸಲಾಗಿದೆ.

Sl. No	Item Description	Unit	Required Quantity
1	POWER TRANSFORMER:Power Transformer Copper winding,6.3 MVA ,33/6.6 KV Delta / Star, Dynll, 3 Ph, 50Hz, core type winding with OLTC, RTCC, etc, complete filled with Transit oil with 10% spare oil. As directed by engineer in charge.	No.	1
ಸಂಪರ್ಕಿಸಬೇಕಾದ ಇ-ಮೇಲ್ ವಿಳಾಸ:
i. dam_division@rediffmail.com
ಸಂಪರ್ಕಿಸಬೇಕಾದ ದೂರವಾಣಿ ಸಂಖ್ಯೆ: ಶ್ರೀ.ವಿಶ್ವ ಮಾಲಿಕ ಸಹಾಯಕ ಅಭಿಯಂತರರು, ಮೊಬೈಲ್ ಸಂಖ್ಯೆ: 8971985865
ವಾಪಾಇಂ/ಕಭಾಜನಿ/367/ಟೆಂ.ಪ್ರ/2025-26
ಸಹಿ/- ಕಾರ್ಯನಿರ್ವಾಹಕ ಅಭಿಯಂತರರು, ಕೃಷ್ಣಾಪನಿ, ಆಣೆಕಟ್ಟು ವಿಭಾಗ, ಆಲಮಟ್ಟಿ
ಗೌರವಾನ್ವಿತ ಪ್ರಧಾನ ಜಿಲ್ಲಾ ಮತ್ತು ಸತ್ರ ನ್ಯಾಯಾಲಯ ಶಿವಮೊಗ್ಗ
ಅಮಲ್ಜಾರಿ ಅರ್ಜಿ ನಂ: 25/2025

ಅರ್ಜಿದಾರರು : ಕೆನರಾ ಬ್ಯಾಂಕ್, ಇದರ ಮುಖ್ಯ ಕಚೇರಿ, ಬೆಂಗಳೂರು, ಬಿ.ಹೆಚ್.ರಸ್ತೆ ಶಾಖೆ, ಶಿವಮೊಗ್ಗ. ಬ್ಯಾಂಕಿನ ಶಾಖಾ ವ್ಯವಸ್ಥಾಪಕರು ಮುಖಾಂತರ. ಎದುರುದಾರರು : ಶ್ರೀ ಅಶ್ವತ್ ನಾರಾಯಣ ಶೆಟ್ಟಿ ಬಿನ್ ಹೆಚ್.ಎನ್. ಕೃಷ್ಣಮೂರ್ತಿ ಶೆಟ್ಟಿ, ಶಿವಮೊಗ್ಗ ನಗರ.

ಪತ್ರಿಕಾ ಪ್ರಕಟಣೆ

ಈ ಮೇಲ್ಕಂಡ ದಾವೆಯಲ್ಲಿ ಮಾನ್ಯ ನ್ಯಾಯಾಲಯದ ಆದೇಶದಂತೆ ಎದುರುದಾರರು ಅರ್ಜಿದಾರರಿಗೆ ರೂ.1,57,012/- ಹಣವನ್ನು ಪಾವತಿಸಬೇಕಾಗಿದ್ದು, ದಿನಾಂಕ:23-10-2025 ರಂದು ಬೆಳಿಗ್ಗೆ 11 ಗಂಟೆಗೆ ನ್ಯಾಯಾಲಯದಲ್ಲಿ ಖುದ್ದಾಗಿ ಅಥವಾ ವಕೀಲರ ಮುಖಾಂತರ ಹಾಜರಾಗಲು ಸೂಚಿಸಿದೆ. ತಪ್ಪಿದಲ್ಲಿ ಏಕಪಕ್ಷೀಯವಾಗಿ ತೀರ್ಮಾನಿಸಲಾಗುವುದು.

ಅರ್ಜಿದಾರರ ಪರ ವಕೀಲರು, ಕೆ.ವಿಶ್ವನಾಥ, ಶಿವಮೊಗ್ಗ. ದಿನಾಂಕ: 11-09-2025
ನ್ಯಾಯಾಲಯದ ಆಜ್ಞೆಯ ಮೇರೆಗೆ ಸಹಿ/- ಶಿರಸ್ತೇದಾರರು, ಪ್ರಧಾನ ಜಿಲ್ಲಾ ಮತ್ತು ಸತ್ರ ನ್ಯಾಯಾಲಯ, ಶಿವಮೊಗ್ಗ.
ಮಾನ್ಯ ಪ್ರಧಾನ ಹಿರಿಯ ಸಿವಿಲ್ ನ್ಯಾಯಾಧೀಶರ ನ್ಯಾಯಾಲಯ ಹಾಗೂ ಸಿ.ಜೆ.ಎಂ. ಶಿವಮೊಗ್ಗ
ಓ.ಎಸ್.ನಂ: 211/2025

ಅರ್ಜಿದಾರರು : 1)ಅಬ್ದುಲ್ ಖಾದರ್ ಬಿನ್ ಅಬ್ದುಲ್ ಸತ್ತಾರ್, 41 ವರ್ಷ, 2)ನೂರ್ ಜಹಾನ್ ಕೋಂ ಅಬ್ದುಲ್ ಖಾದರ್, 38 ವರ್ಷ, ವಾಸ ಶಿವಮೊಗ್ಗ ನಗರ. ಎದುರುದಾರರು : 1)ಸಯೀದಾ ಬೇಗಂ ಕೋಂ ಅಬ್ದುಲ್ ರಜಾಕ್, 3)ರಹೀಂ ಖಾನ್ ಬಿನ್ ಅಬ್ದುಲ್ ಕರೀಂ, ವಾಸ ಶಿವಮೊಗ್ಗ.

ಪತ್ರಿಕಾ ಪ್ರಕಟಣೆ

ಮೇಲ್ಕಂಡ ಅರ್ಜಿದಾರರು ದಾವೆ ಸಲ್ಲಿಸಿದ್ದು ಎದುರುದಾರರಾದ ಶ್ರೀ ಅಬ್ದುಲ್ ಸತ್ತಾರ್ ಬಿನ್ ಮೆಹಬೂಬ್ ಸಾಬ್ ರವರಿಗೆ ನೋಟೀಸ್ ಜಾರಿಯಾಗಿರುವುದಿಲ್ಲ. ದಿನಾಂಕ:29-10-2025 ರಂದು ಬೆಳಿಗ್ಗೆ 11 ಗಂಟೆಗೆ ನ್ಯಾಯಾಲಯಕ್ಕೆ ಹಾಜರಾಗಿ ತಮ್ಮ ಆಕ್ಷೇಪಣೆ ಸಲ್ಲಿಸಬಹುದು. ತಪ್ಪಿದಲ್ಲಿ ಏಕಪಕ್ಷೀಯವಾಗಿ ತೀರ್ಮಾನಿಸಲಾಗುವುದು.

ಅರ್ಜಿದಾರರ ಪರ ವಕೀಲರು, ಸಯ್ಯದ್ ಮುಜಾಹಿದ್, ಶಿವಮೊಗ್ಗ. ದಿನಾಂಕ: 20-09-2025
ನ್ಯಾಯಾಲಯದ ಆಜ್ಞೆಯ ಮೇರೆಗೆ ಸಹಿ/- ಶಿರಸ್ತೇದಾರರು, ಪ್ರಧಾನ ಹಿರಿಯ ಸಿವಿಲ್ ನ್ಯಾಯಾಧೀಶರ ನ್ಯಾಯಾಲಯ, ಶಿವಮೊಗ್ಗ.
ಗೌರವಾನ್ವಿತ ಜಿಲ್ಲಾ ಮತ್ತು ಸತ್ರ ಮತ್ತು ಮುಖ್ಯ ನ್ಯಾಯಾಧೀಶರ ನ್ಯಾಯಾಲಯ ಶಿವಮೊಗ್ಗ
ಪಿ ಅಂಡ್ ಎಸ್. ಸಂಖ್ಯೆ : 24/2025

ಅರ್ಜಿದಾರರು : ಎ.ರಿ.ವಿವರ ಅಬ್ದುಲ್ ರಜಾಕ್ ಬಿನ್ ಎ. ಅಬ್ದುಲ್ ಗಫಾರ್, ವಯಸ್ಸು 56 ವರ್ಷ, ವಾಸ ಶಿವಮೊಗ್ಗ. ಎದುರುದಾರರು : ಜನರಲ್ ಪಬ್ಲಿಕ್.

ಪತ್ರಿಕಾ ಪ್ರಕಟಣೆ

ಈ ಮೇಲ್ಕಂಡ ಅರ್ಜಿದಾರರು ದಿವಂಗತ ಶ್ರೀ ಅಬ್ದುಲ್ ಗಫಾರ್ ರವರ ಆಸ್ತಿಗೆ ಉತ್ತರಾಧಿಕಾರ ಪತ್ರ ನೀಡುವಂತೆ ಅರ್ಜಿ ಸಲ್ಲಿಸಿದ್ದು, ಯಾರಿಗಾದರೂ ಆಕ್ಷೇಪಣೆ ಇದ್ದಲ್ಲಿ ದಿನಾಂಕ:11-11-2025 ರಂದು ಬೆಳಿಗ್ಗೆ 11 ಗಂಟೆಗೆ ನ್ಯಾಯಾಲಯದಲ್ಲಿ ಖುದ್ದಾಗಿ ಅಥವಾ ವಕೀಲರ ಮುಖಾಂತರ ಹಾಜರಾಗಿ ತಕರಾರು ಸಲ್ಲಿಸಬಹುದು. ತಪ್ಪಿದಲ್ಲಿ ಏಕಪಕ್ಷೀಯವಾಗಿ ತೀರ್ಮಾನಿಸಲಾಗುವುದು.

ಅರ್ಜಿದಾರರ ಪರ ವಕೀಲರು, ಕೆ.ಎನ್.ಹಾಲೇಶ್, ವಕೀಲರು. ದಿನಾಂಕ: 22-09-2025
ನ್ಯಾಯಾಲಯದ ಆಜ್ಞೆಯ ಮೇರೆಗೆ ಸಹಿ/- ಶಿರಸ್ತೇದಾರರು, ಜಿಲ್ಲಾ ಮತ್ತು ಸತ್ರ ನ್ಯಾಯಾಲಯ, ಶಿವಮೊಗ್ಗ.
ಮಾನ್ಯ 3ನೇ ಜೆ.ಎಂ.ಎಫ್.ಸಿ. ನ್ಯಾಯಾಲಯ ಶಿವಮೊಗ್ಗ
ಮಿಸ್.ನಂ: 287/2025

ಅರ್ಜಿದಾರರು : 1)ಶ್ರೀಮತಿ ರತ್ನಮ್ಮ ಕೋಂ ಲೇಟ್ ಎಂ.ಡಿ.ಮಹದೇವ್, ವಯಸ್ಸು 69 ವರ್ಷ, ಶಿವಮೊಗ್ಗ, 2)ಎಂ.ಎಂ.ಮಂಜುನಾಥ, ವಯಸ್ಸು 59, ವಾಸ ವಿನೋಬನಗರ, ಶಿವಮೊಗ್ಗ, 3)ರತ್ನಮಾಲಾ, 4)ಶೈಲಜಾ. ಎದುರುದಾರರು : ಕಾಯ್ದೆ ಕ್ಷಣ ಜನನ ಮರಣ ನೋಂದಣಾಧಿಕಾರಿಗಳು, ಶಿವಮೊಗ್ಗ.

ಪತ್ರಿಕಾ ಪ್ರಕಟಣೆ

ಮೇಲ್ಕಂಡ ದಾವೆಯ ಅರ್ಜಿದಾರರ ತಂದೆಯವರಾದ ಶ್ರೀ ಹೆಚ್.ಎಂ.ಮಲ್ಲಪ್ಪ ಬಿನ್ ಚನ್ನಬಸಪ್ಪ ರವರು ದಿನಾಂಕ:09-06-1970 ರಂದು ಶಿವಮೊಗ್ಗದಲ್ಲಿ ಮರಣ ಹೊಂದಿರುತ್ತಾರೆ. ಮರಣ ನೋಂದಣಿ ಮಾಡಲು ಆದೇಶ ನೀಡುವಂತೆ ಕೋರಿ ಅರ್ಜಿ ಸಲ್ಲಿಸಿದ್ದು, ದಿನಾಂಕ:23-10-2025 ರಂದು ಬೆಳಿಗ್ಗೆ 11 ಗಂಟೆಗೆ ಹಾಜರಾಗಿ ತಕರಾರು ಸಲ್ಲಿಸಬಹುದು.

ಅರ್ಜಿದಾರರ ಪರ ವಕೀಲರು, ಬಿ.ಎಂ.ಆರ್.ಎಸ್.ಬಿ ಶಿವಮೊಗ್ಗ. ದಿನಾಂಕ: 27-09-2025
ನ್ಯಾಯಾಲಯದ ಆಜ್ಞೆಯ ಮೇರೆಗೆ ಸಹಿ/- ಶಿರಸ್ತೇದಾರರು 3ನೇ ಜೆ.ಎಂ.ಎಫ್.ಸಿ. ನ್ಯಾಯಾಲಯ, ಶಿವಮೊಗ್ಗ
Hosadigantha kannada daily Printed & Published by P.S. Prakash on behalf of Jnanabharathi Prakashana Limited. Printed at Digantha Mudrana, New Thirthahalli Road, Shivamogga - 577201
and Published at 'Madhura Nilaya', 4th Cross, Durgigudi, Park Extension, Shivamogga 577202. Ph: (08182) 401752, 8861209076. Editor : P.S. Prakash, Group Editor : Vinayak S. Bhat.
